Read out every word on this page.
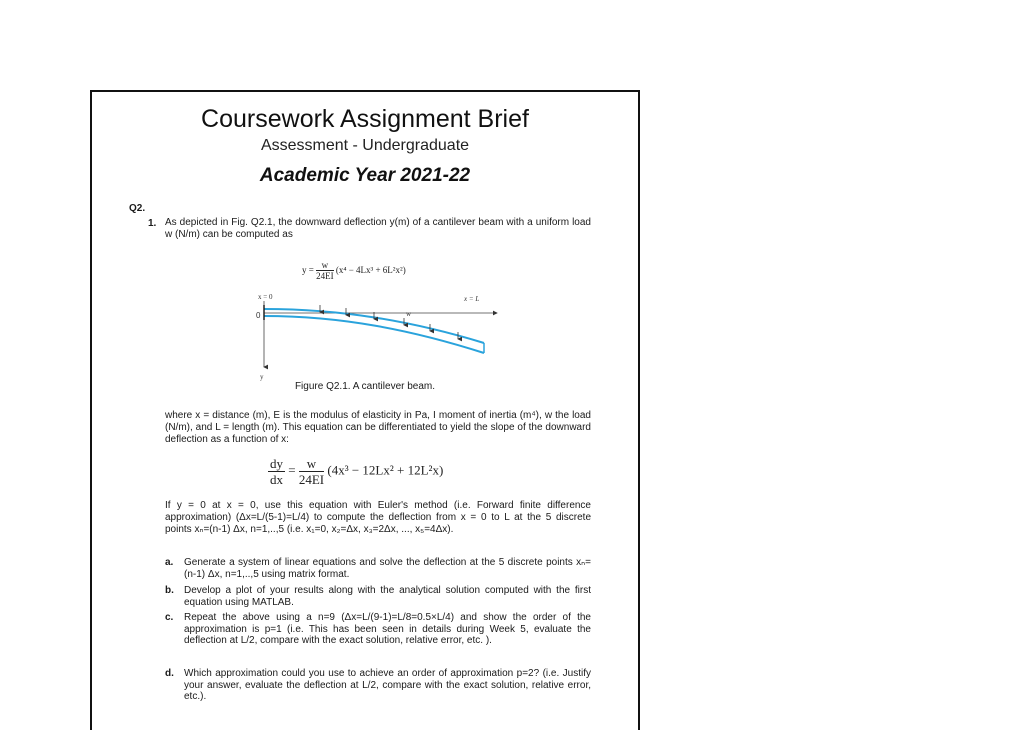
Coursework Assignment Brief
Assessment - Undergraduate
Academic Year 2021-22
Q2.
1. As depicted in Fig. Q2.1, the downward deflection y(m) of a cantilever beam with a uniform load w (N/m) can be computed as
$y = \frac{w}{24EI} (x^4 - 4Lx^3 + 6L^2x^2)$
x = 0	x = L
0
y
w
Figure Q2.1. A cantilever beam.
where x = distance (m), E is the modulus of elasticity in Pa, I moment of inertia (m⁴), w the load (N/m), and L = length (m). This equation can be differentiated to yield the slope of the downward deflection as a function of x:
$\frac{dy}{dx} = \frac{w}{24EI} (4x^3 - 12Lx^2 + 12L^2x)$
If y = 0 at x = 0, use this equation with Euler's method (i.e. Forward finite difference approximation) (Δx=L/(5-1)=L/4) to compute the deflection from x = 0 to L at the 5 discrete points xₙ=(n-1) Δx, n=1,..,5 (i.e. x₁=0, x₂=Δx, x₃=2Δx, ..., x₅=4Δx).
a. Generate a system of linear equations and solve the deflection at the 5 discrete points xₙ=(n-1) Δx, n=1,..,5 using matrix format.
b. Develop a plot of your results along with the analytical solution computed with the first equation using MATLAB.
c. Repeat the above using a n=9 (Δx=L/(9-1)=L/8=0.5×L/4) and show the order of the approximation is p=1 (i.e. This has been seen in details during Week 5, evaluate the deflection at L/2, compare with the exact solution, relative error, etc. ).
d. Which approximation could you use to achieve an order of approximation p=2? (i.e. Justify your answer, evaluate the deflection at L/2, compare with the exact solution, relative error, etc.).
